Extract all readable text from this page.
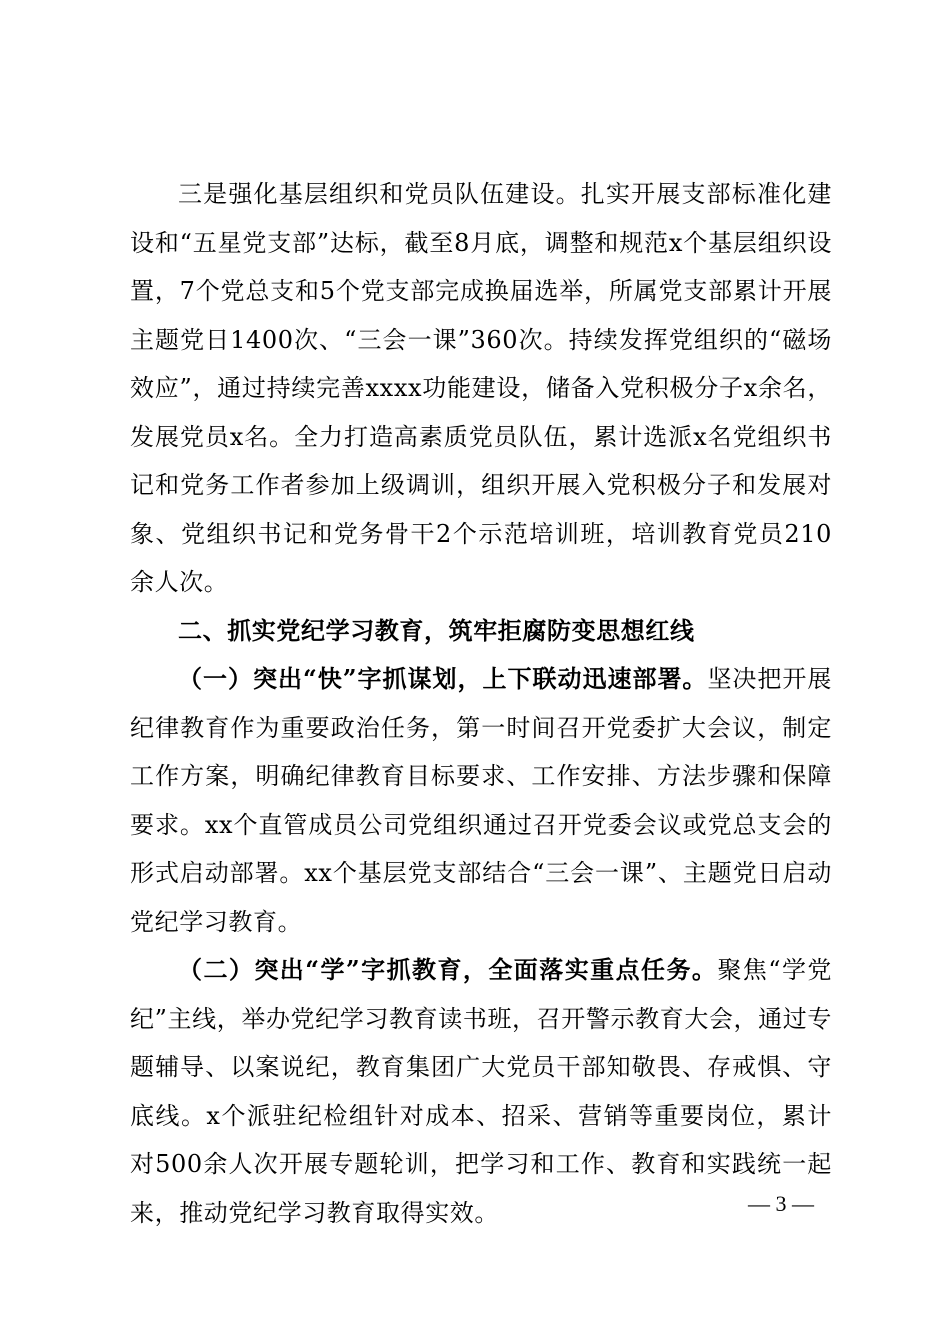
三是强化基层组织和党员队伍建设。扎实开展支部标准化建设和“五星党支部”达标，截至8月底，调整和规范x个基层组织设置，7个党总支和5个党支部完成换届选举，所属党支部累计开展主题党日1400次、“三会一课”360次。持续发挥党组织的“磁场效应”，通过持续完善xxxx功能建设，储备入党积极分子x余名，发展党员x名。全力打造高素质党员队伍，累计选派x名党组织书记和党务工作者参加上级调训，组织开展入党积极分子和发展对象、党组织书记和党务骨干2个示范培训班，培训教育党员210余人次。

二、抓实党纪学习教育，筑牢拒腐防变思想红线

（一）突出“快”字抓谋划，上下联动迅速部署。坚决把开展纪律教育作为重要政治任务，第一时间召开党委扩大会议，制定工作方案，明确纪律教育目标要求、工作安排、方法步骤和保障要求。xx个直管成员公司党组织通过召开党委会议或党总支会的形式启动部署。xx个基层党支部结合“三会一课”、主题党日启动党纪学习教育。

（二）突出“学”字抓教育，全面落实重点任务。聚焦“学党纪”主线，举办党纪学习教育读书班，召开警示教育大会，通过专题辅导、以案说纪，教育集团广大党员干部知敬畏、存戒惧、守底线。x个派驻纪检组针对成本、招采、营销等重要岗位，累计对500余人次开展专题轮训，把学习和工作、教育和实践统一起来，推动党纪学习教育取得实效。	— 3 —
